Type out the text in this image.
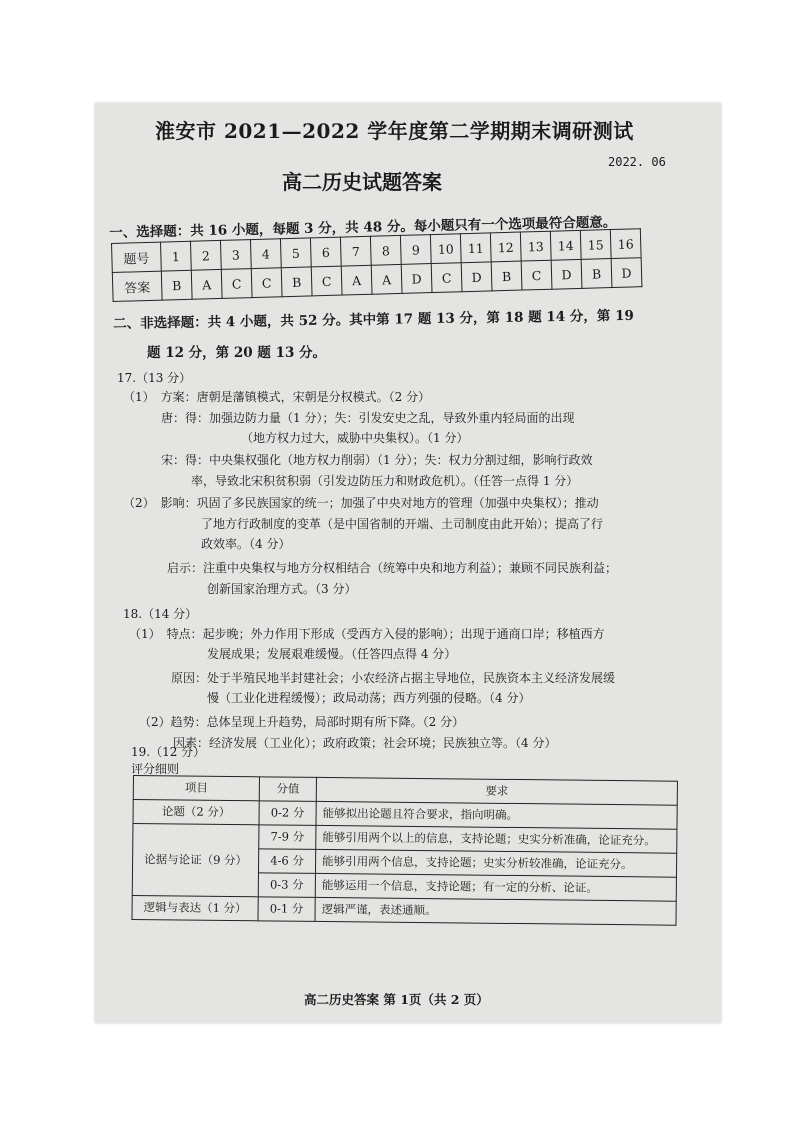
淮安市 2021—2022 学年度第二学期期末调研测试
2022. 06
高二历史试题答案
一、选择题：共 16 小题，每题 3 分，共 48 分。每小题只有一个选项最符合题意。
题号	1	2	3	4	5	6	7	8	9	10	11	12	13	14	15	16
答案	B	A	C	C	B	C	A	A	D	C	D	B	C	D	B	D
二、非选择题：共 4 小题，共 52 分。其中第 17 题 13 分，第 18 题 14 分，第 19
题 12 分，第 20 题 13 分。
17.（13 分）
（1）　方案：唐朝是藩镇模式，宋朝是分权模式。（2 分）
唐：得：加强边防力量（1 分）；失：引发安史之乱，导致外重内轻局面的出现
（地方权力过大，威胁中央集权）。（1 分）
宋：得：中央集权强化（地方权力削弱）（1 分）；失：权力分割过细，影响行政效
率，导致北宋积贫积弱（引发边防压力和财政危机）。（任答一点得 1 分）
（2）　影响：巩固了多民族国家的统一；加强了中央对地方的管理（加强中央集权）；推动
了地方行政制度的变革（是中国省制的开端、土司制度由此开始）；提高了行
政效率。（4 分）
启示：注重中央集权与地方分权相结合（统筹中央和地方利益）；兼顾不同民族利益；
创新国家治理方式。（3 分）
18.（14 分）
（1）　特点：起步晚；外力作用下形成（受西方入侵的影响）；出现于通商口岸；移植西方
发展成果；发展艰难缓慢。（任答四点得 4 分）
原因：处于半殖民地半封建社会；小农经济占据主导地位，民族资本主义经济发展缓
慢（工业化进程缓慢）；政局动荡；西方列强的侵略。（4 分）
（2）趋势：总体呈现上升趋势，局部时期有所下降。（2 分）
因素：经济发展（工业化）；政府政策；社会环境；民族独立等。（4 分）
19.（12 分）
评分细则
项目	分值	要求
论题（2 分）	0-2 分	能够拟出论题且符合要求，指向明确。
论据与论证（9 分）	7-9 分	能够引用两个以上的信息，支持论题；史实分析准确，论证充分。
	4-6 分	能够引用两个信息，支持论题；史实分析较准确，论证充分。
	0-3 分	能够运用一个信息，支持论题；有一定的分析、论证。
逻辑与表达（1 分）	0-1 分	逻辑严谨，表述通顺。
高二历史答案 第 1页（共 2 页）
